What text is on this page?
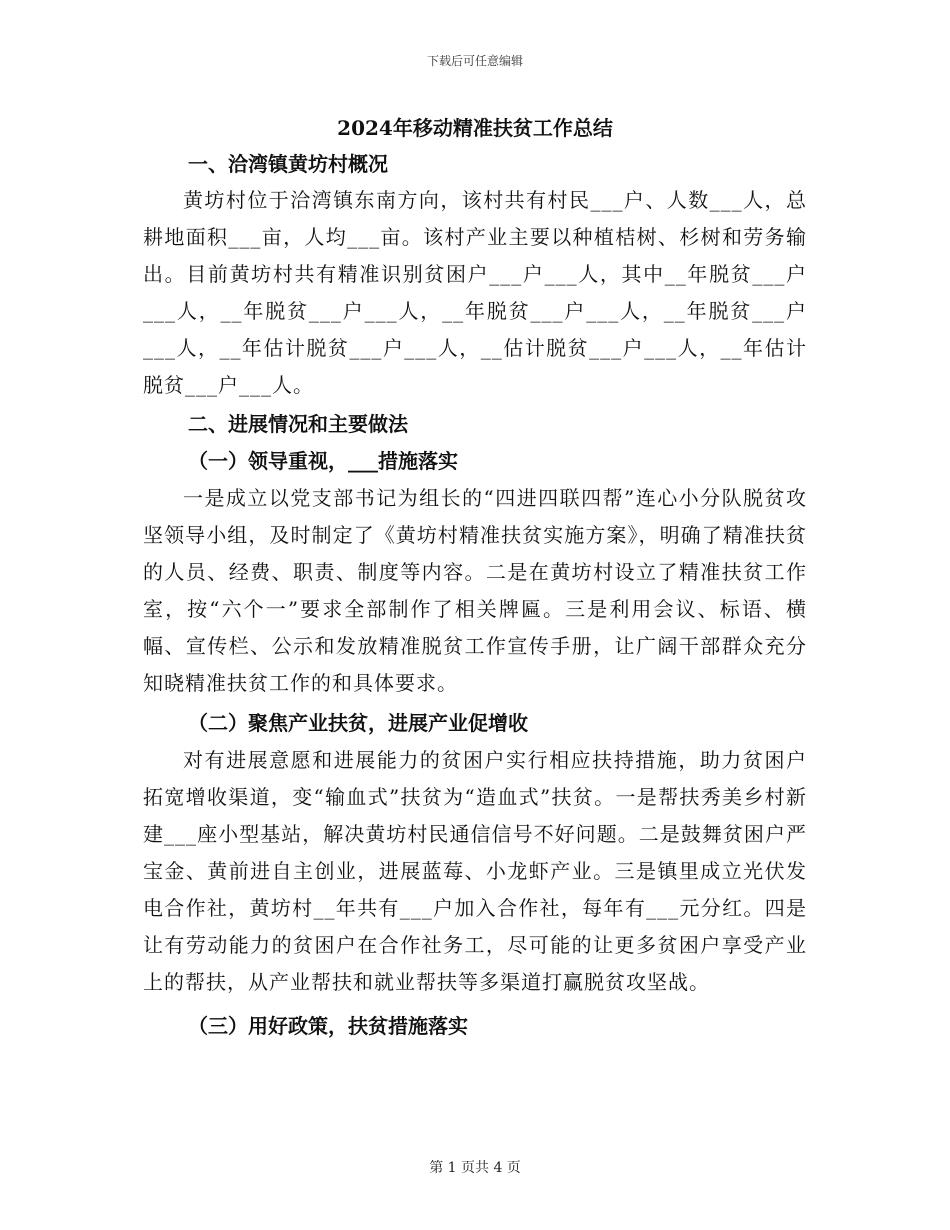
下载后可任意编辑
2024年移动精准扶贫工作总结
一、洽湾镇黄坊村概况

黄坊村位于洽湾镇东南方向，该村共有村民___户、人数___人，总耕地面积___亩，人均___亩。该村产业主要以种植桔树、杉树和劳务输出。目前黄坊村共有精准识别贫困户___户___人，其中__年脱贫___户___人，__年脱贫___户___人，__年脱贫___户___人，__年脱贫___户___人，__年估计脱贫___户___人，__估计脱贫___户___人，__年估计脱贫___户___人。

二、进展情况和主要做法
（一）领导重视，___措施落实

一是成立以党支部书记为组长的“四进四联四帮”连心小分队脱贫攻坚领导小组，及时制定了《黄坊村精准扶贫实施方案》，明确了精准扶贫的人员、经费、职责、制度等内容。二是在黄坊村设立了精准扶贫工作室，按“六个一”要求全部制作了相关牌匾。三是利用会议、标语、横幅、宣传栏、公示和发放精准脱贫工作宣传手册，让广阔干部群众充分知晓精准扶贫工作的和具体要求。

（二）聚焦产业扶贫，进展产业促增收

对有进展意愿和进展能力的贫困户实行相应扶持措施，助力贫困户拓宽增收渠道，变“输血式”扶贫为“造血式”扶贫。一是帮扶秀美乡村新建___座小型基站，解决黄坊村民通信信号不好问题。二是鼓舞贫困户严宝金、黄前进自主创业，进展蓝莓、小龙虾产业。三是镇里成立光伏发电合作社，黄坊村__年共有___户加入合作社，每年有___元分红。四是让有劳动能力的贫困户在合作社务工，尽可能的让更多贫困户享受产业上的帮扶，从产业帮扶和就业帮扶等多渠道打赢脱贫攻坚战。

（三）用好政策，扶贫措施落实
第 1 页共 4 页
